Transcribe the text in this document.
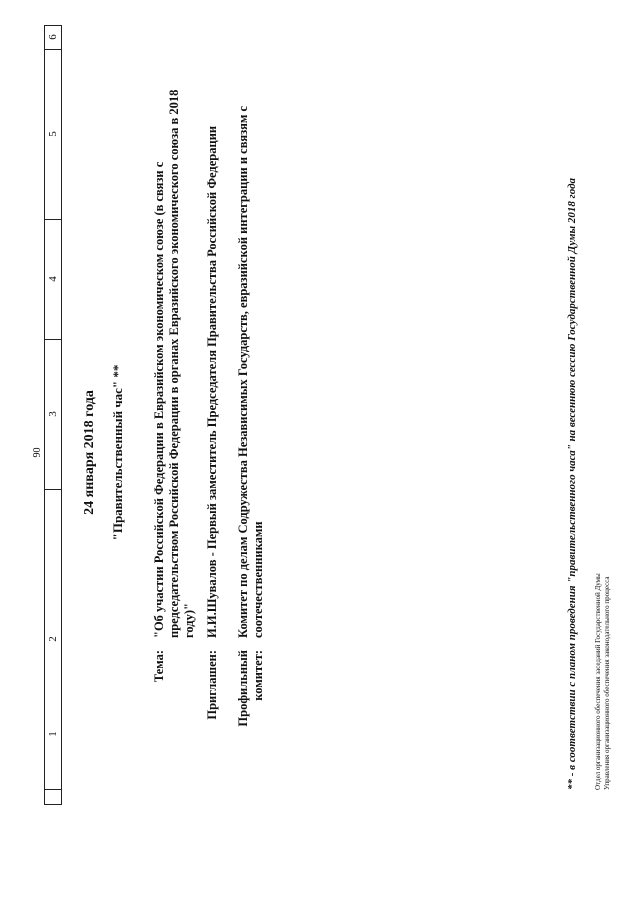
90
1
2
3
4
5
6
24 января 2018 года "Правительственный час" **
Тема:
"Об участии Российской Федерации в Евразийском экономическом союзе (в связи с председательством Российской Федерации в органах Евразийского экономического союза в 2018 году)"
Приглашен:
И.И.Шувалов - Первый заместитель Председателя Правительства Российской Федерации
Профильный комитет:
Комитет по делам Содружества Независимых Государств, евразийской интеграции и связям с соотечественниками	** - в соответствии с планом проведения "правительственного часа" на весеннюю сессию Государственной Думы 2018 года Отдел организационного обеспечения заседаний Государственной Думы Управления организационного обеспечения законодательного процесса
